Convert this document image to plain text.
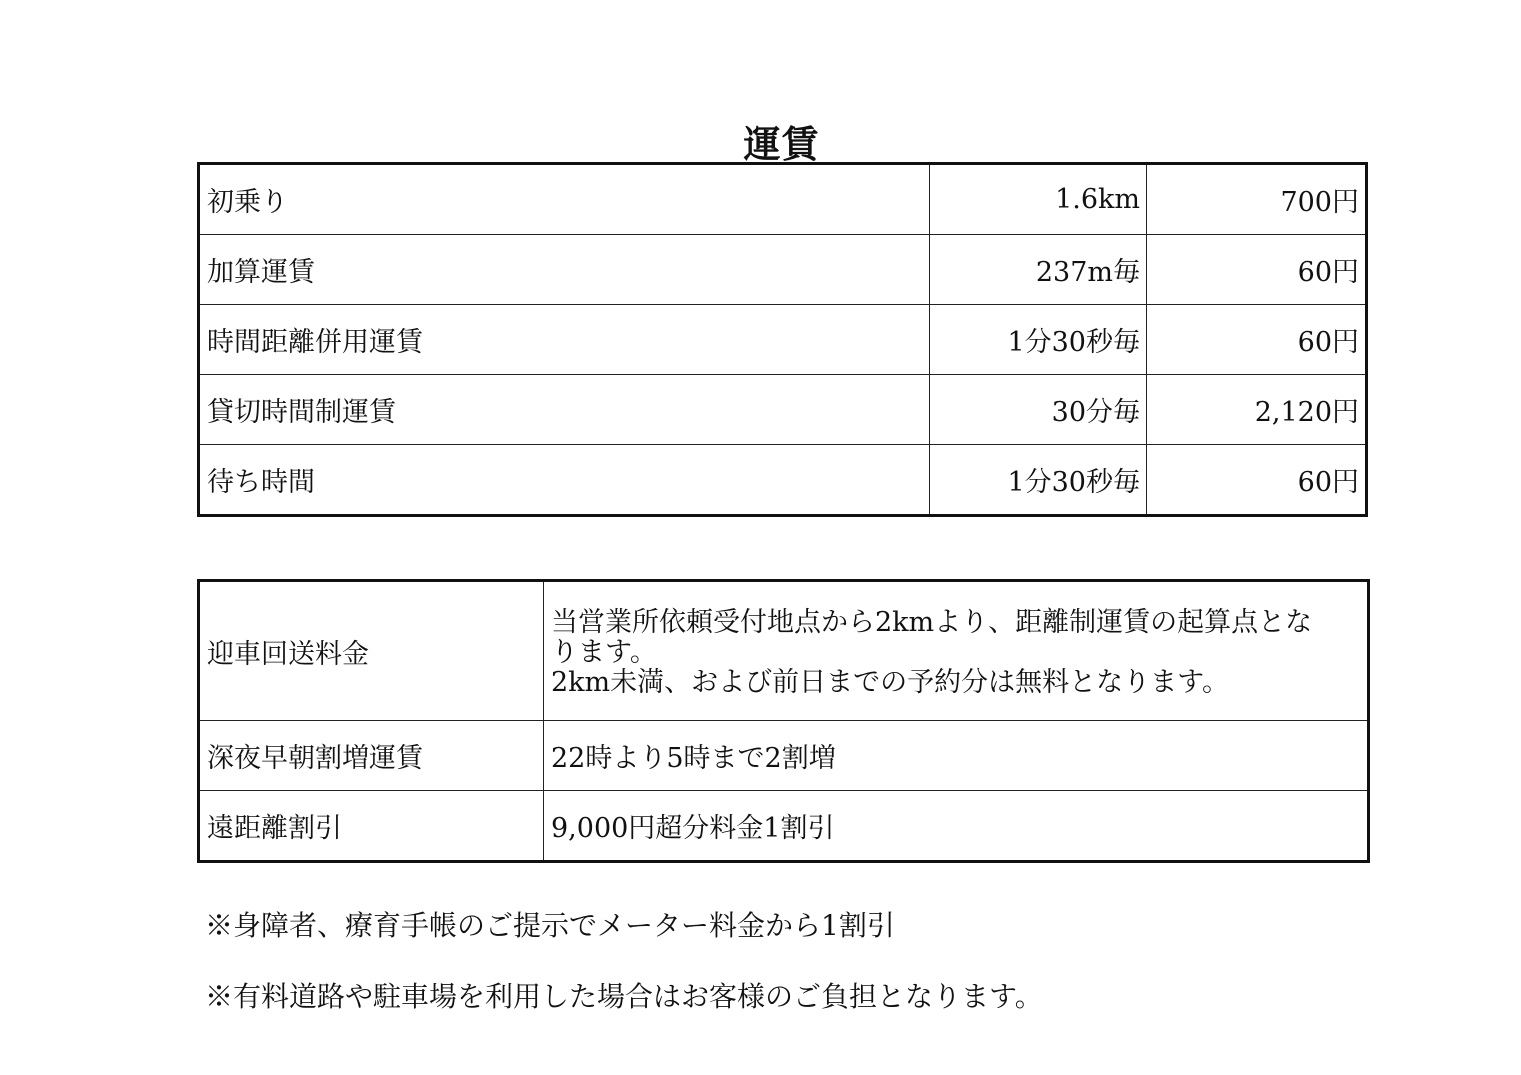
運賃
初乗り	1.6km	700円
加算運賃	237m毎	60円
時間距離併用運賃	1分30秒毎	60円
貸切時間制運賃	30分毎	2,120円
待ち時間	1分30秒毎	60円
迎車回送料金	当営業所依頼受付地点から2kmより、距離制運賃の起算点とな
ります。
2km未満、および前日までの予約分は無料となります。

深夜早朝割増運賃	22時より5時まで2割増
遠距離割引	9,000円超分料金1割引
※身障者、療育手帳のご提示でメーター料金から1割引
※有料道路や駐車場を利用した場合はお客様のご負担となります。
